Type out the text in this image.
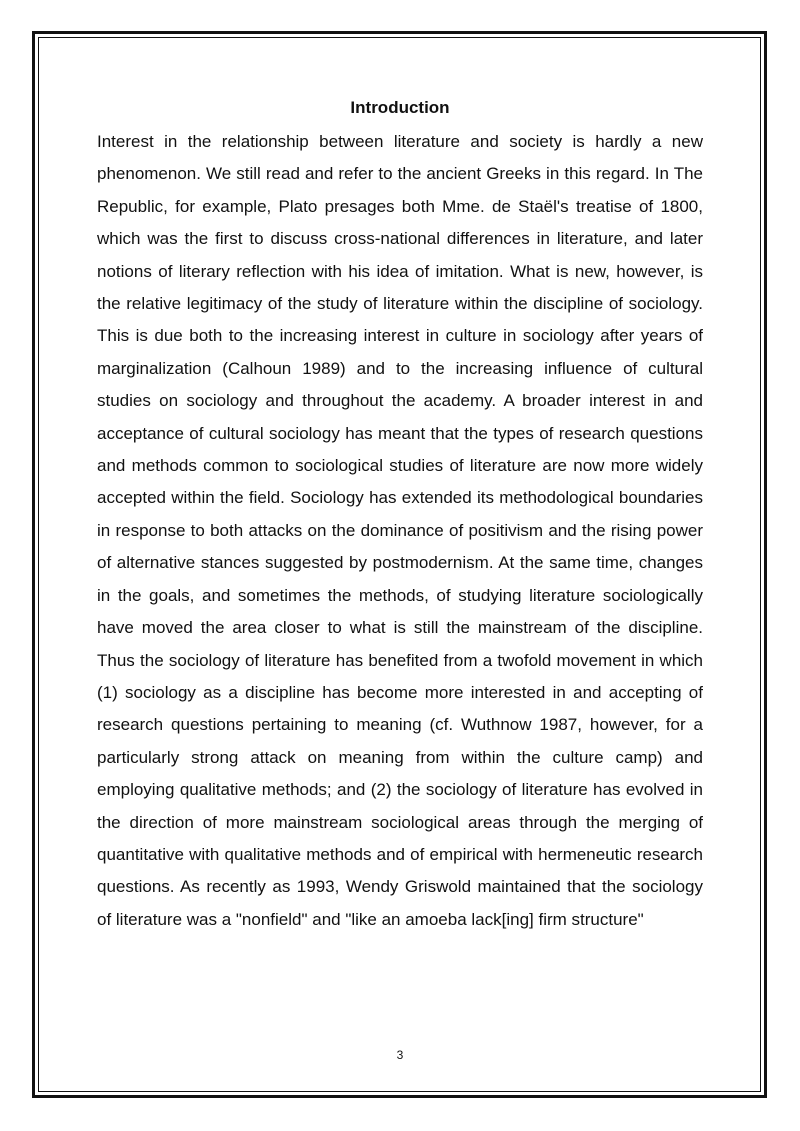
Introduction

Interest in the relationship between literature and society is hardly a new phenomenon. We still read and refer to the ancient Greeks in this regard. In The Republic, for example, Plato presages both Mme. de Staël's treatise of 1800, which was the first to discuss cross-national differences in literature, and later notions of literary reflection with his idea of imitation. What is new, however, is the relative legitimacy of the study of literature within the discipline of sociology. This is due both to the increasing interest in culture in sociology after years of marginalization (Calhoun 1989) and to the increasing influence of cultural studies on sociology and throughout the academy. A broader interest in and acceptance of cultural sociology has meant that the types of research questions and methods common to sociological studies of literature are now more widely accepted within the field. Sociology has extended its methodological boundaries in response to both attacks on the dominance of positivism and the rising power of alternative stances suggested by postmodernism. At the same time, changes in the goals, and sometimes the methods, of studying literature sociologically have moved the area closer to what is still the mainstream of the discipline. Thus the sociology of literature has benefited from a twofold movement in which (1) sociology as a discipline has become more interested in and accepting of research questions pertaining to meaning (cf. Wuthnow 1987, however, for a particularly strong attack on meaning from within the culture camp) and employing qualitative methods; and (2) the sociology of literature has evolved in the direction of more mainstream sociological areas through the merging of quantitative with qualitative methods and of empirical with hermeneutic research questions. As recently as 1993, Wendy Griswold maintained that the sociology of literature was a "nonfield" and "like an amoeba lack[ing] firm structure"

3
